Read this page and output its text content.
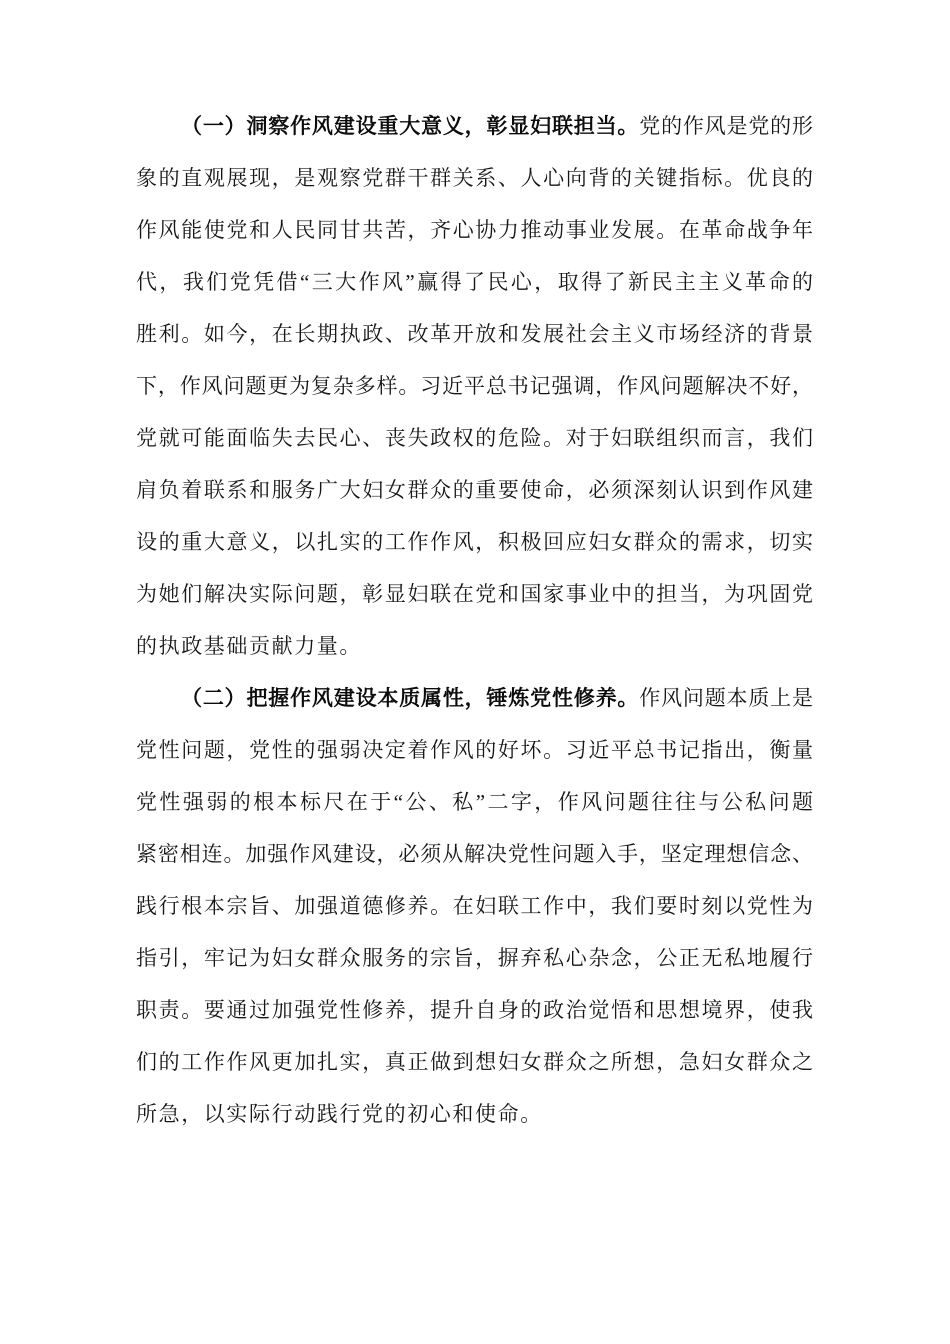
（一）洞察作风建设重大意义，彰显妇联担当。党的作风是党的形
象的直观展现，是观察党群干群关系、人心向背的关键指标。优良的
作风能使党和人民同甘共苦，齐心协力推动事业发展。在革命战争年
代，我们党凭借“三大作风”赢得了民心，取得了新民主主义革命的
胜利。如今，在长期执政、改革开放和发展社会主义市场经济的背景
下，作风问题更为复杂多样。习近平总书记强调，作风问题解决不好，
党就可能面临失去民心、丧失政权的危险。对于妇联组织而言，我们
肩负着联系和服务广大妇女群众的重要使命，必须深刻认识到作风建
设的重大意义，以扎实的工作作风，积极回应妇女群众的需求，切实
为她们解决实际问题，彰显妇联在党和国家事业中的担当，为巩固党
的执政基础贡献力量。
（二）把握作风建设本质属性，锤炼党性修养。作风问题本质上是
党性问题，党性的强弱决定着作风的好坏。习近平总书记指出，衡量
党性强弱的根本标尺在于“公、私”二字，作风问题往往与公私问题
紧密相连。加强作风建设，必须从解决党性问题入手，坚定理想信念、
践行根本宗旨、加强道德修养。在妇联工作中，我们要时刻以党性为
指引，牢记为妇女群众服务的宗旨，摒弃私心杂念，公正无私地履行
职责。要通过加强党性修养，提升自身的政治觉悟和思想境界，使我
们的工作作风更加扎实，真正做到想妇女群众之所想，急妇女群众之
所急，以实际行动践行党的初心和使命。
